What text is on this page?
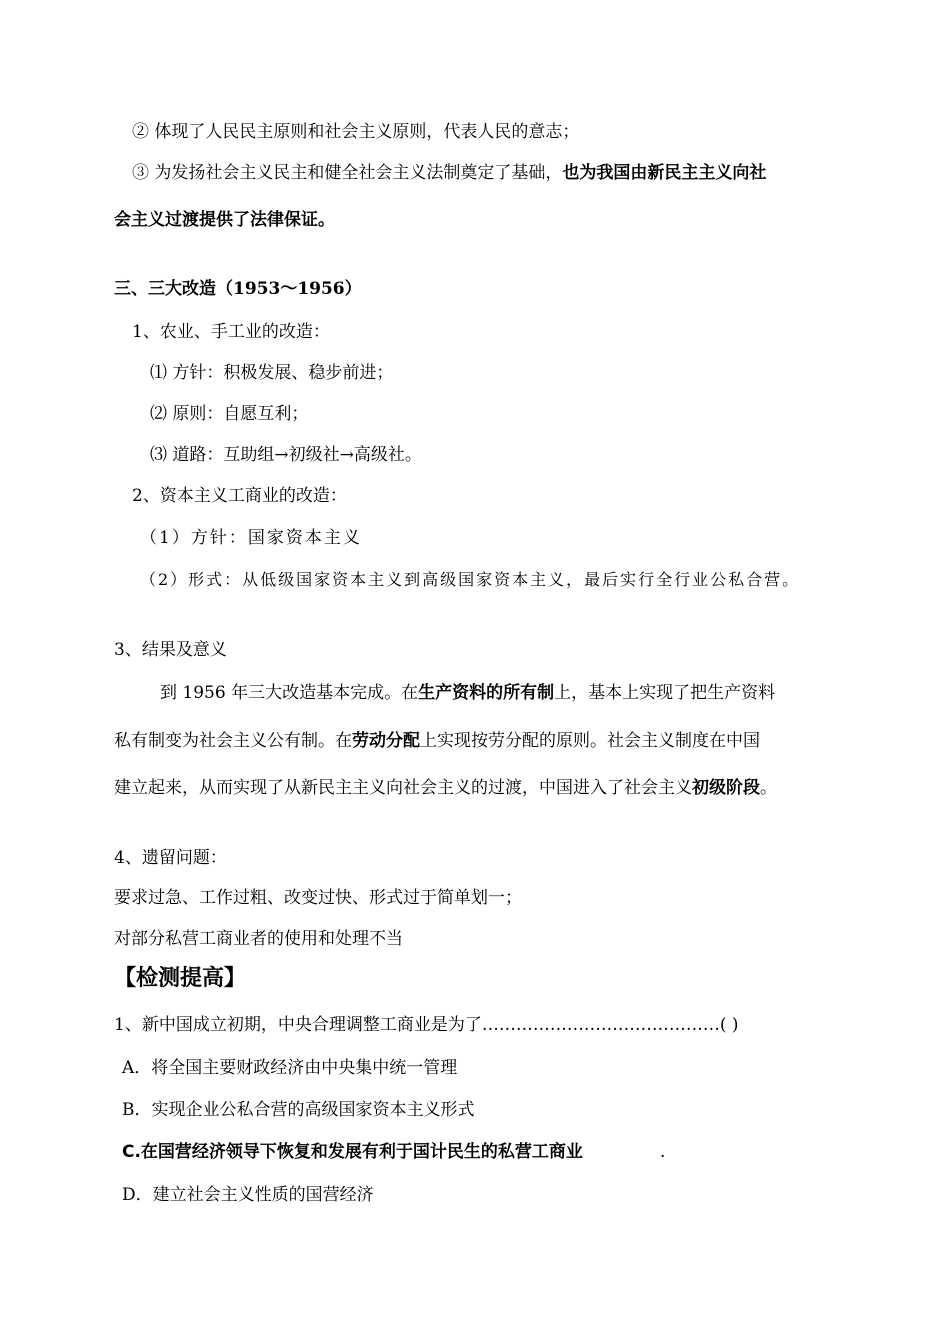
② 体现了人民民主原则和社会主义原则，代表人民的意志；
③ 为发扬社会主义民主和健全社会主义法制奠定了基础，也为我国由新民主主义向社
会主义过渡提供了法律保证。
三、三大改造（1953～1956）
1、农业、手工业的改造：
⑴ 方针：积极发展、稳步前进；
⑵ 原则：自愿互利；
⑶ 道路：互助组→初级社→高级社。
2、资本主义工商业的改造：
（1）方针：国家资本主义
（2）形式：从低级国家资本主义到高级国家资本主义，最后实行全行业公私合营。
3、结果及意义
到 1956 年三大改造基本完成。在生产资料的所有制上，基本上实现了把生产资料
私有制变为社会主义公有制。在劳动分配上实现按劳分配的原则。社会主义制度在中国
建立起来，从而实现了从新民主主义向社会主义的过渡，中国进入了社会主义初级阶段。
4、遗留问题：
要求过急、工作过粗、改变过快、形式过于简单划一；
对部分私营工商业者的使用和处理不当
【检测提高】
1、新中国成立初期，中央合理调整工商业是为了……………………………………( )
A．将全国主要财政经济由中央集中统一管理
B．实现企业公私合营的高级国家资本主义形式
C.在国营经济领导下恢复和发展有利于国计民生的私营工商业	.
D．建立社会主义性质的国营经济
